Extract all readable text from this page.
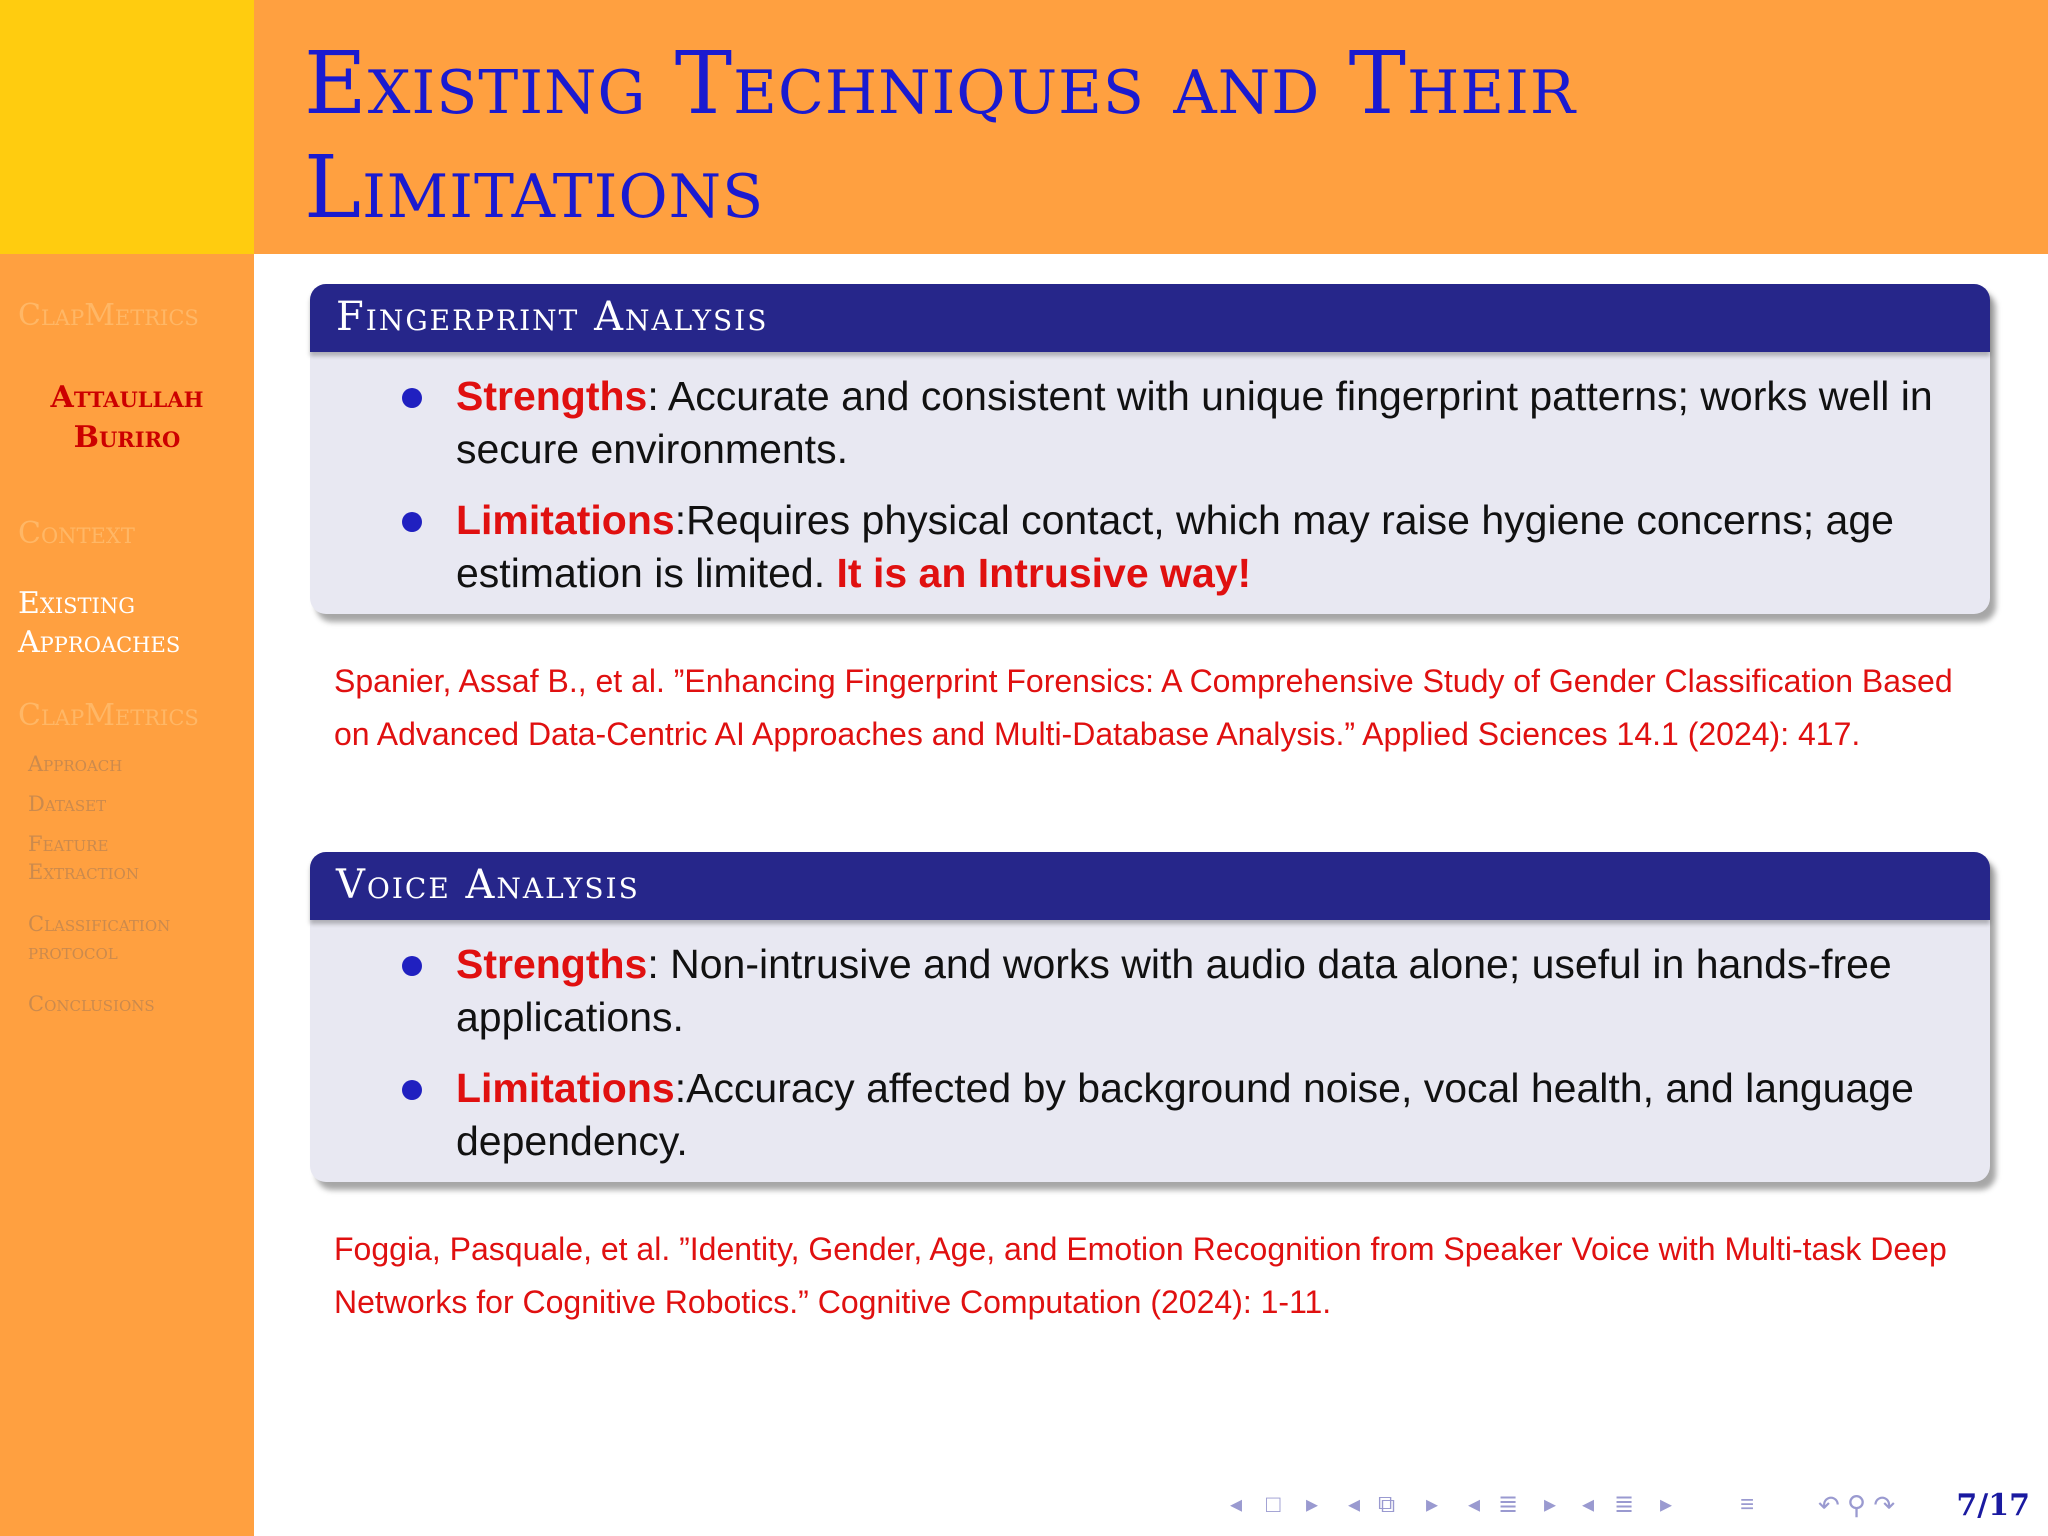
Existing Techniques and Their
Limitations
ClapMetrics
Attaullah
Buriro
Context
Existing
Approaches
ClapMetrics
Approach
Dataset
Feature
Extraction
Classification
protocol
Conclusions
Fingerprint Analysis
Strengths: Accurate and consistent with unique fingerprint patterns; works well in secure environments.
Limitations:Requires physical contact, which may raise hygiene concerns; age estimation is limited. It is an Intrusive way!
Spanier, Assaf B., et al. ”Enhancing Fingerprint Forensics: A Comprehensive Study of Gender Classification Based on Advanced Data-Centric AI Approaches and Multi-Database Analysis.” Applied Sciences 14.1 (2024): 417.
Voice Analysis
Strengths: Non-intrusive and works with audio data alone; useful in hands-free applications.
Limitations:Accuracy affected by background noise, vocal health, and language dependency.
Foggia, Pasquale, et al. ”Identity, Gender, Age, and Emotion Recognition from Speaker Voice with Multi-task Deep Networks for Cognitive Robotics.” Cognitive Computation (2024): 1-11.
◂ □ ▸ ◂ ⧉ ▸ ◂ ≣ ▸ ◂ ≣ ▸	≡ ↶ ⚲ ↷ 7/17
